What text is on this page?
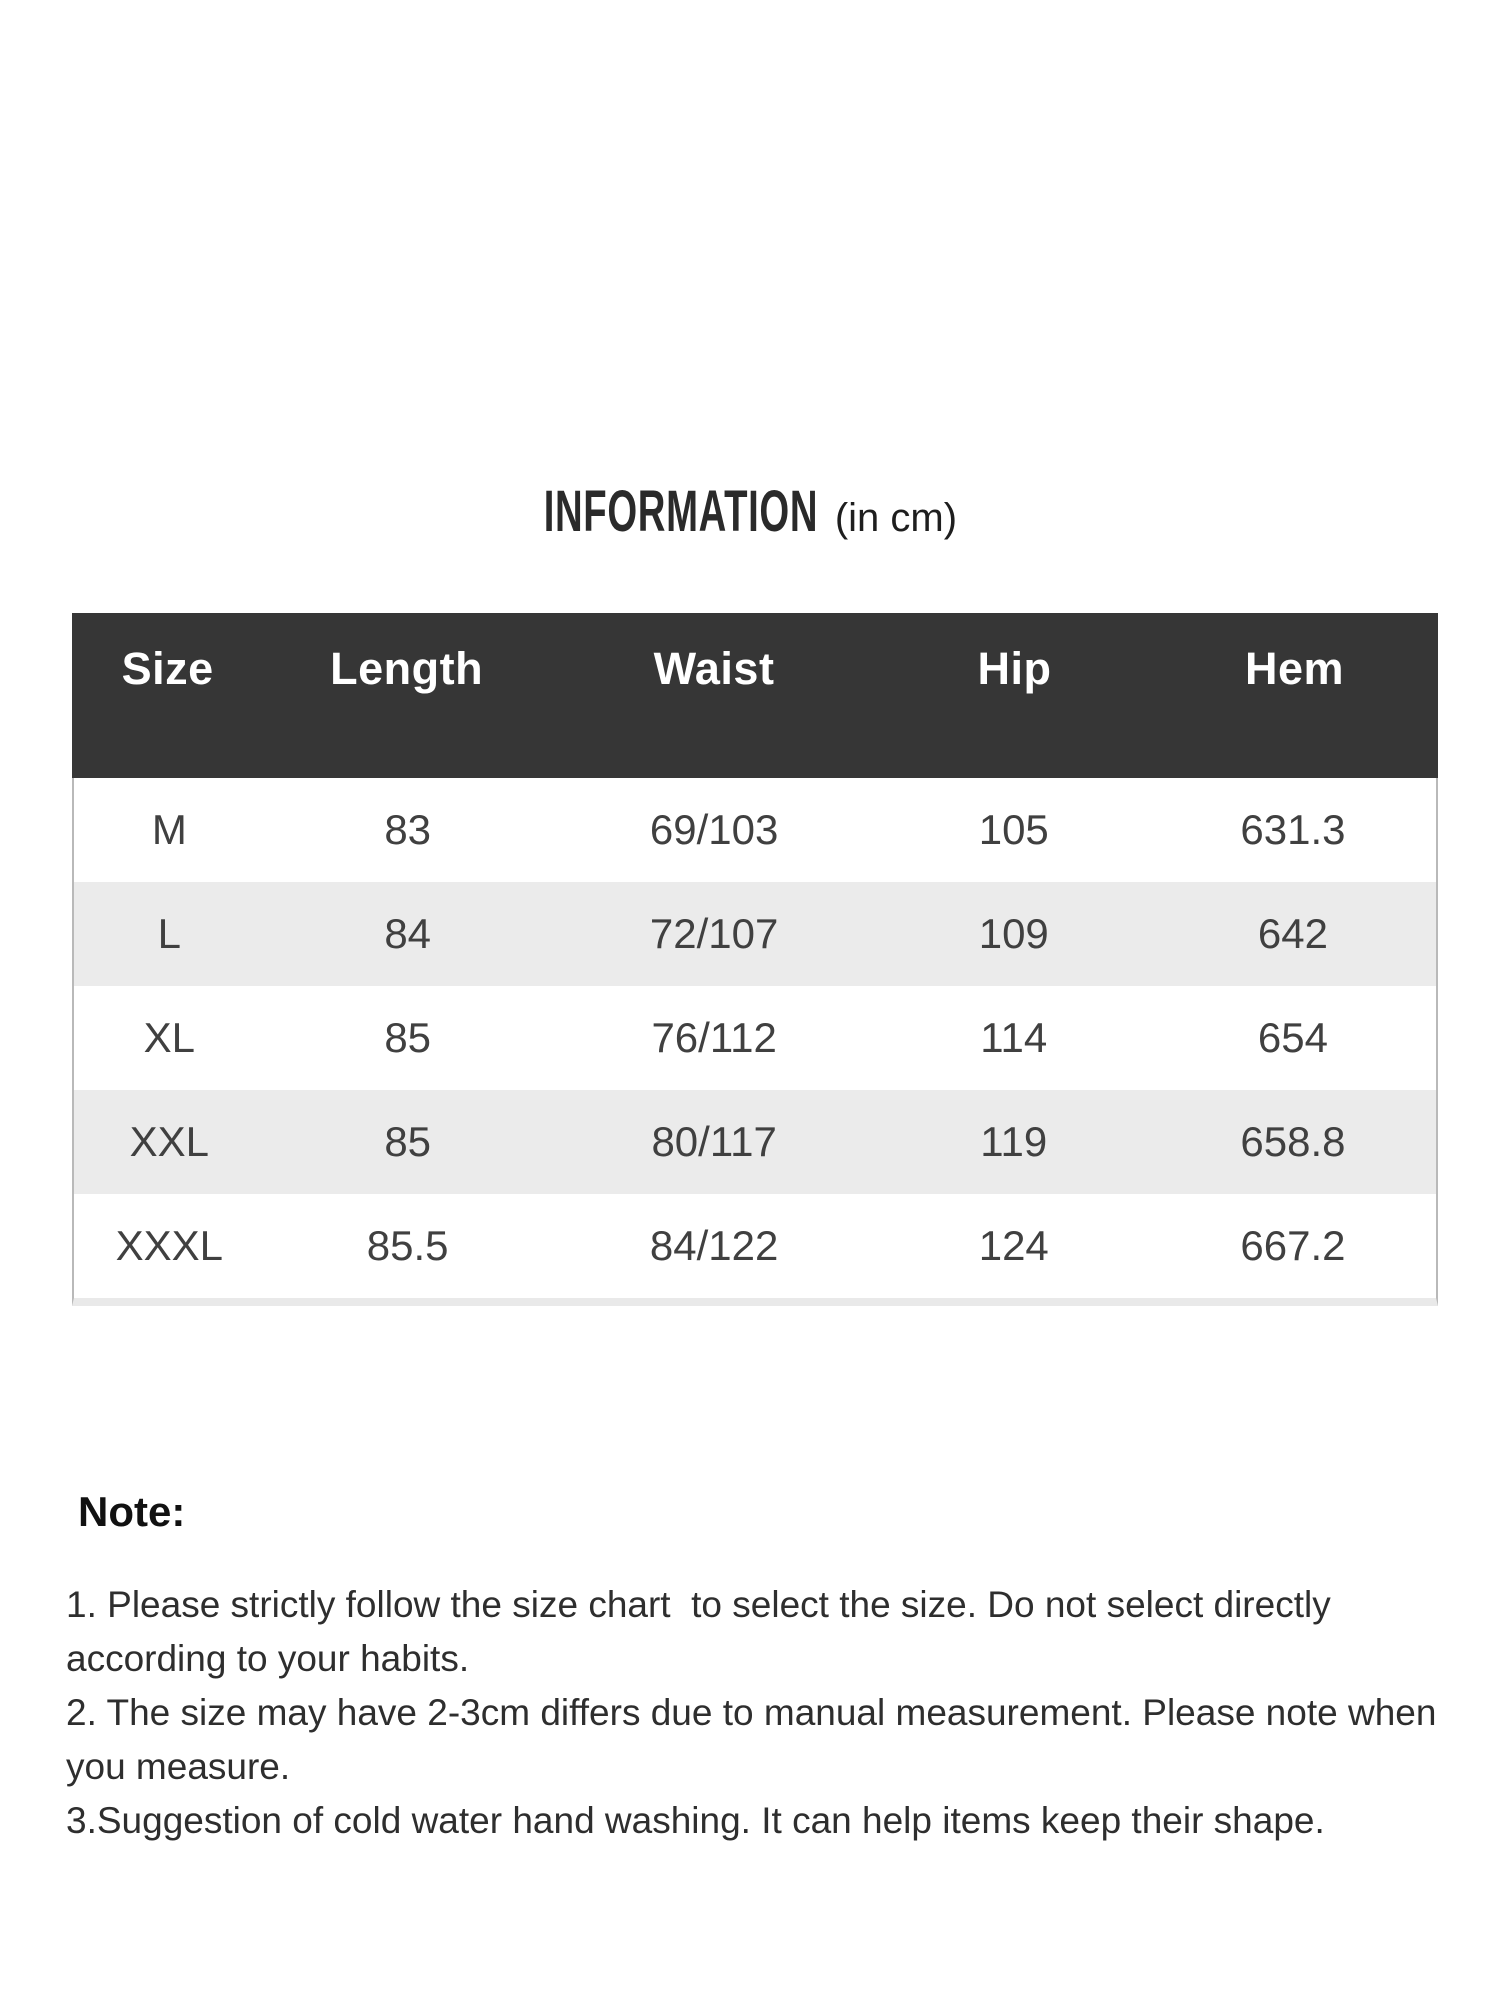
INFORMATION (in cm)
Size	Length	Waist	Hip	Hem
M	83	69/103	105	631.3
L	84	72/107	109	642
XL	85	76/112	114	654
XXL	85	80/117	119	658.8
XXXL	85.5	84/122	124	667.2
Note:

1. Please strictly follow the size chart  to select the size. Do not select directly according to your habits.

2. The size may have 2-3cm differs due to manual measurement. Please note when you measure.

3.Suggestion of cold water hand washing. It can help items keep their shape.
